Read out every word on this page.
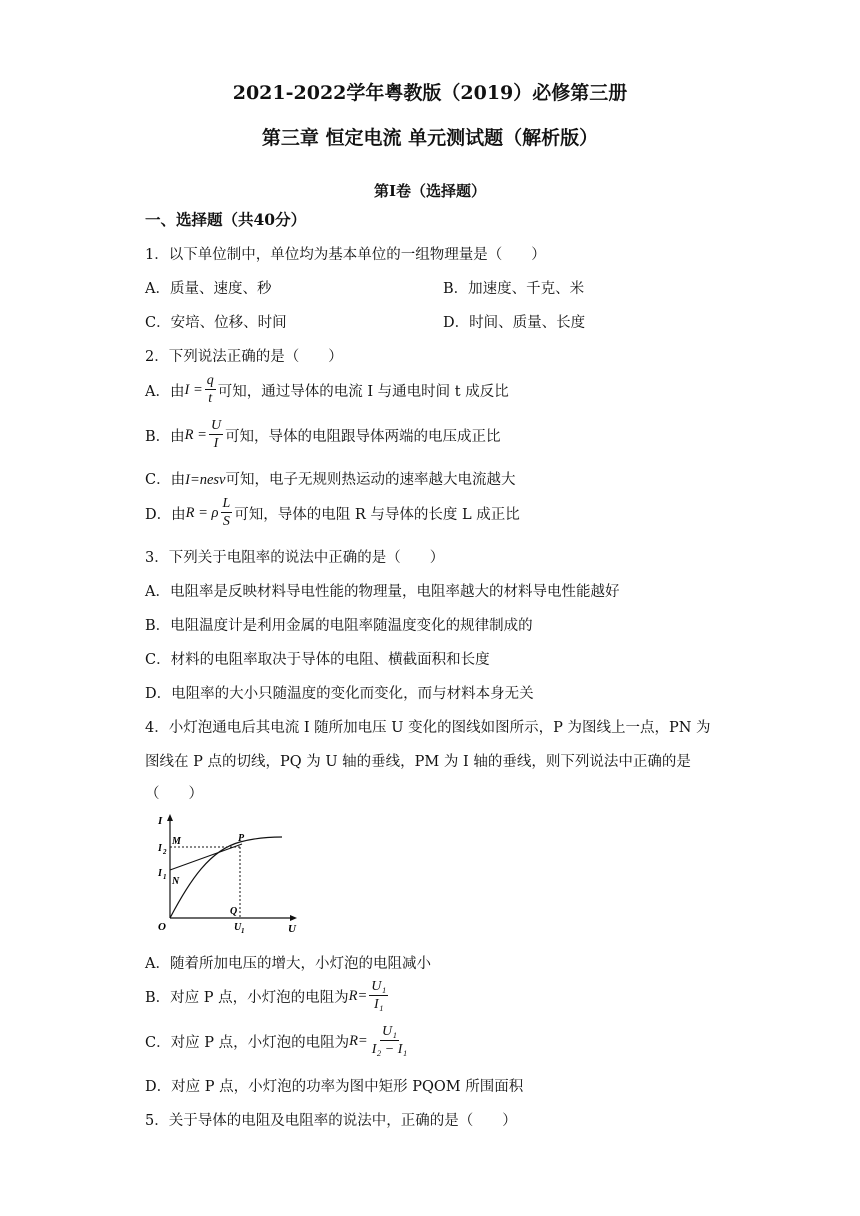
2021-2022学年粤教版（2019）必修第三册
第三章 恒定电流 单元测试题（解析版）
第Ⅰ卷（选择题）
一、选择题（共40分）
1．以下单位制中，单位均为基本单位的一组物理量是（　　）
A．质量、速度、秒	B．加速度、千克、米
C．安培、位移、时间	D．时间、质量、长度
2．下列说法正确的是（　　）
A．由 $I = \frac{q}{t}$ 可知，通过导体的电流 I 与通电时间 t 成反比
B．由 $R = \frac{U}{I}$ 可知，导体的电阻跟导体两端的电压成正比
C．由I=nesv可知，电子无规则热运动的速率越大电流越大
D．由 R = ρ $\frac{L}{S}$ 可知，导体的电阻 R 与导体的长度 L 成正比
3．下列关于电阻率的说法中正确的是（　　）
A．电阻率是反映材料导电性能的物理量，电阻率越大的材料导电性能越好
B．电阻温度计是利用金属的电阻率随温度变化的规律制成的
C．材料的电阻率取决于导体的电阻、横截面积和长度
D．电阻率的大小只随温度的变化而变化，而与材料本身无关
4．小灯泡通电后其电流 I 随所加电压 U 变化的图线如图所示，P 为图线上一点，PN 为
图线在 P 点的切线，PQ 为 U 轴的垂线，PM 为 I 轴的垂线，则下列说法中正确的是
（　　）
I
U
O
M	P
N
Q
I 2
I 1
U 1
A．随着所加电压的增大，小灯泡的电阻减小
B．对应 P 点，小灯泡的电阻为 $R= \frac{\text{U₁}}{\text{I₁}}$
C．对应 P 点，小灯泡的电阻为 $R= \frac{\text{U₁}}{\text{I₂ − I₁}}$
D．对应 P 点，小灯泡的功率为图中矩形 PQOM 所围面积
5．关于导体的电阻及电阻率的说法中，正确的是（　　）
